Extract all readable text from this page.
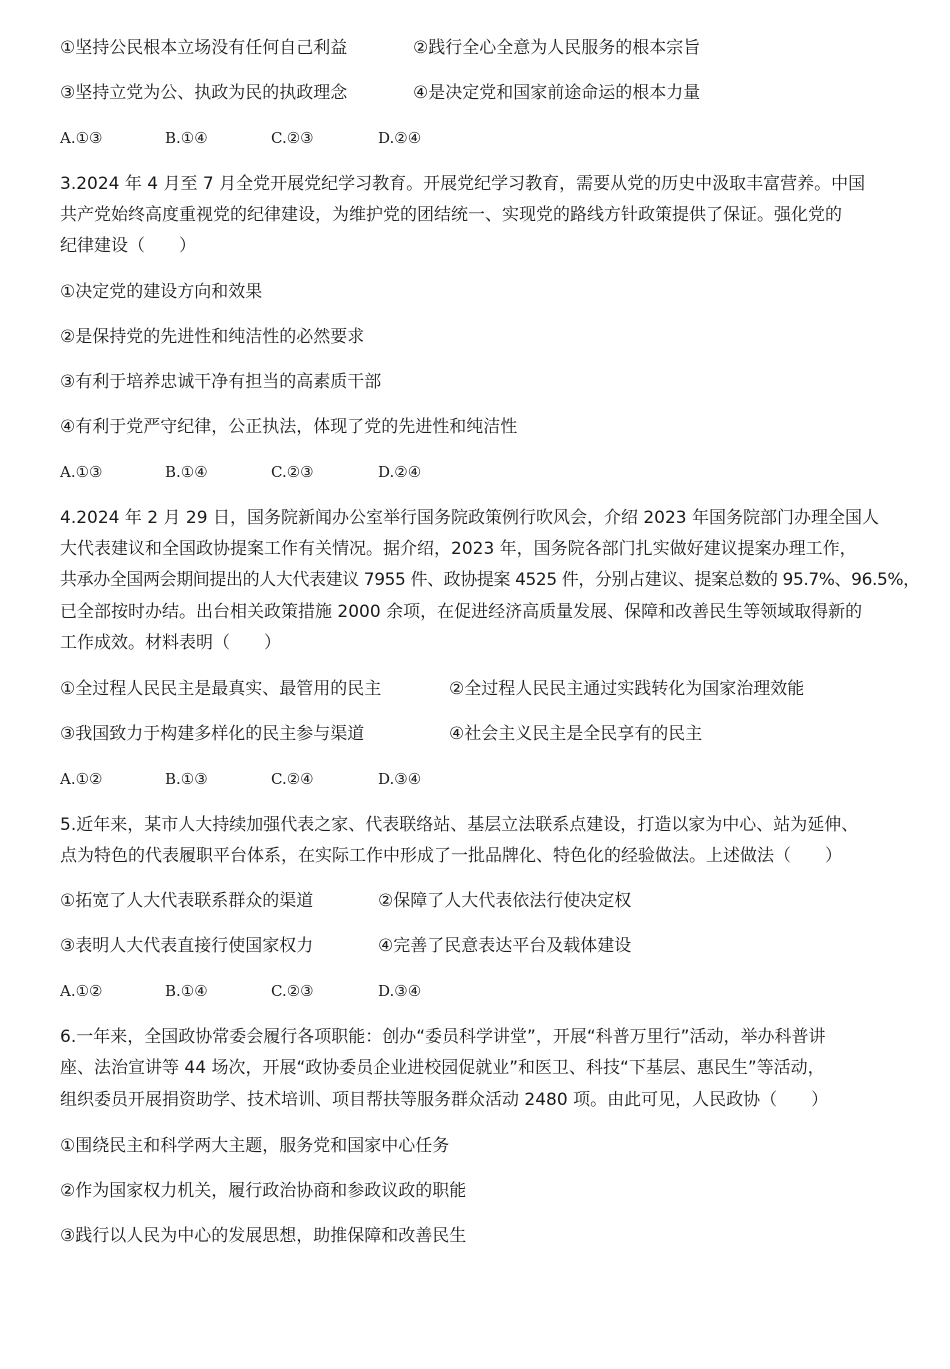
①坚持公民根本立场没有任何自己利益	②践行全心全意为人民服务的根本宗旨
③坚持立党为公、执政为民的执政理念	④是决定党和国家前途命运的根本力量
A.①③	B.①④	C.②③	D.②④
3.2024 年 4 月至 7 月全党开展党纪学习教育。开展党纪学习教育，需要从党的历史中汲取丰富营养。中国
共产党始终高度重视党的纪律建设，为维护党的团结统一、实现党的路线方针政策提供了保证。强化党的
纪律建设（　　）
①决定党的建设方向和效果
②是保持党的先进性和纯洁性的必然要求
③有利于培养忠诚干净有担当的高素质干部
④有利于党严守纪律，公正执法，体现了党的先进性和纯洁性
A.①③	B.①④	C.②③	D.②④
4.2024 年 2 月 29 日，国务院新闻办公室举行国务院政策例行吹风会，介绍 2023 年国务院部门办理全国人
大代表建议和全国政协提案工作有关情况。据介绍，2023 年，国务院各部门扎实做好建议提案办理工作，
共承办全国两会期间提出的人大代表建议 7955 件、政协提案 4525 件，分别占建议、提案总数的 95.7%、96.5%，
已全部按时办结。出台相关政策措施 2000 余项，在促进经济高质量发展、保障和改善民生等领域取得新的
工作成效。材料表明（　　）
①全过程人民民主是最真实、最管用的民主	②全过程人民民主通过实践转化为国家治理效能
③我国致力于构建多样化的民主参与渠道	④社会主义民主是全民享有的民主
A.①②	B.①③	C.②④	D.③④
5.近年来，某市人大持续加强代表之家、代表联络站、基层立法联系点建设，打造以家为中心、站为延伸、
点为特色的代表履职平台体系，在实际工作中形成了一批品牌化、特色化的经验做法。上述做法（　　）
①拓宽了人大代表联系群众的渠道	②保障了人大代表依法行使决定权
③表明人大代表直接行使国家权力	④完善了民意表达平台及载体建设
A.①②	B.①④	C.②③	D.③④
6.一年来，全国政协常委会履行各项职能：创办“委员科学讲堂”，开展“科普万里行”活动，举办科普讲
座、法治宣讲等 44 场次，开展“政协委员企业进校园促就业”和医卫、科技“下基层、惠民生”等活动，
组织委员开展捐资助学、技术培训、项目帮扶等服务群众活动 2480 项。由此可见，人民政协（　　）
①围绕民主和科学两大主题，服务党和国家中心任务
②作为国家权力机关，履行政治协商和参政议政的职能
③践行以人民为中心的发展思想，助推保障和改善民生
